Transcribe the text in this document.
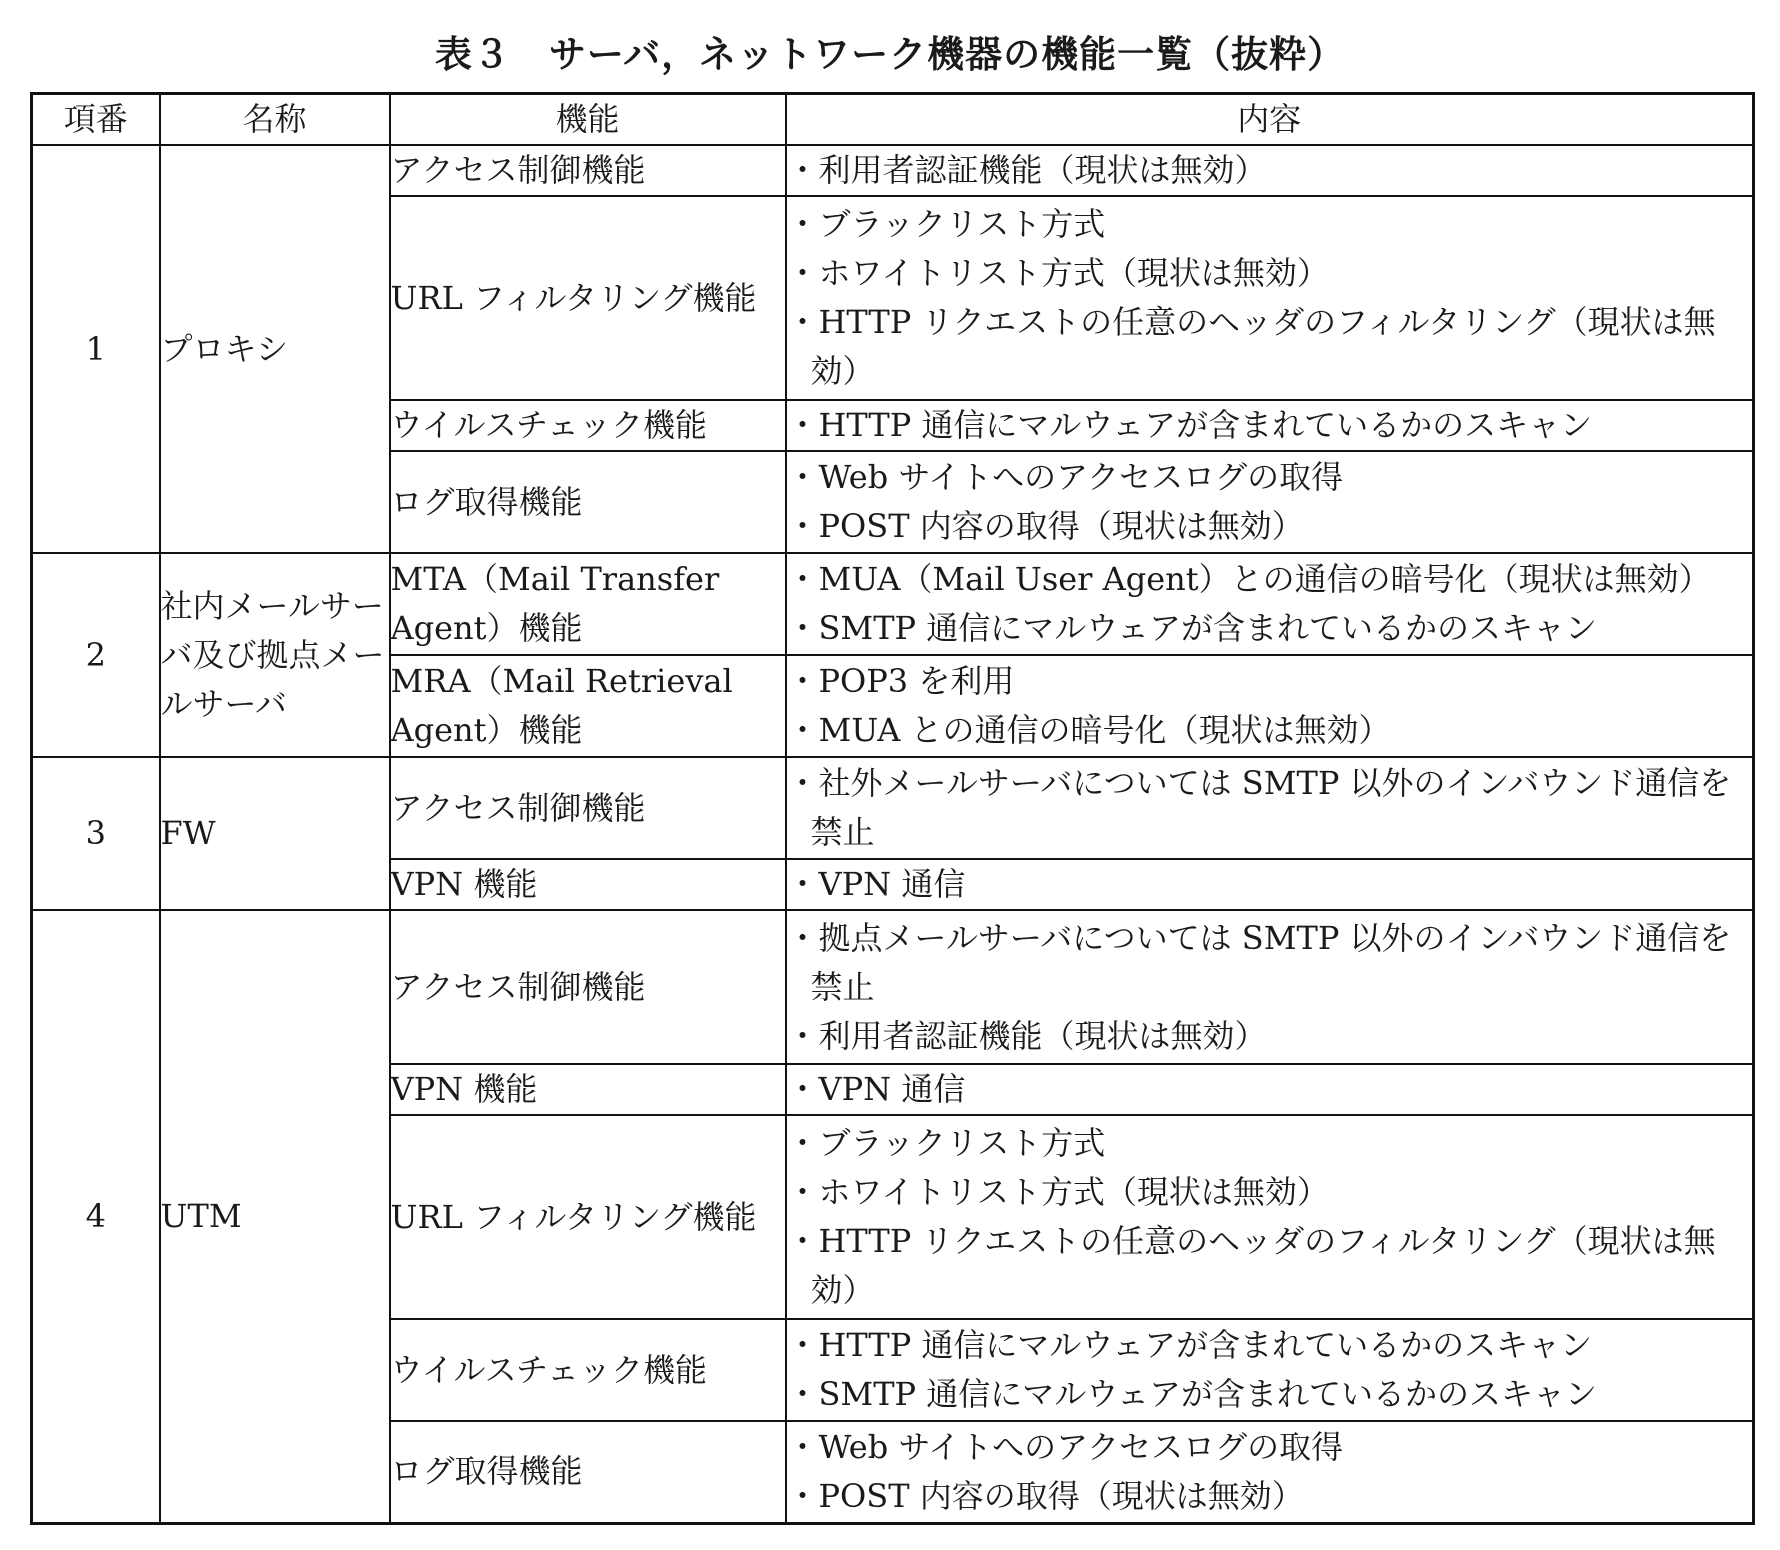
表３　サーバ，ネットワーク機器の機能一覧（抜粋）
項番	名称	機能	内容
1	プロキシ	アクセス制御機能	・利用者認証機能（現状は無効）

		URL フィルタリング機能	・ブラックリスト方式
・ホワイトリスト方式（現状は無効）
・HTTP リクエストの任意のヘッダのフィルタリング（現状は無効）

		ウイルスチェック機能	・HTTP 通信にマルウェアが含まれているかのスキャン

		ログ取得機能	・Web サイトへのアクセスログの取得
・POST 内容の取得（現状は無効）

2	社内メールサーバ及び拠点メールサーバ	MTA（Mail Transfer Agent）機能	・MUA（Mail User Agent）との通信の暗号化（現状は無効）
・SMTP 通信にマルウェアが含まれているかのスキャン

		MRA（Mail Retrieval Agent）機能	・POP3 を利用
・MUA との通信の暗号化（現状は無効）

3	FW	アクセス制御機能	・社外メールサーバについては SMTP 以外のインバウンド通信を禁止

		VPN 機能	・VPN 通信

4	UTM	アクセス制御機能	・拠点メールサーバについては SMTP 以外のインバウンド通信を禁止
・利用者認証機能（現状は無効）

		VPN 機能	・VPN 通信

		URL フィルタリング機能	・ブラックリスト方式
・ホワイトリスト方式（現状は無効）
・HTTP リクエストの任意のヘッダのフィルタリング（現状は無効）

		ウイルスチェック機能	・HTTP 通信にマルウェアが含まれているかのスキャン
・SMTP 通信にマルウェアが含まれているかのスキャン

		ログ取得機能	・Web サイトへのアクセスログの取得
・POST 内容の取得（現状は無効）
